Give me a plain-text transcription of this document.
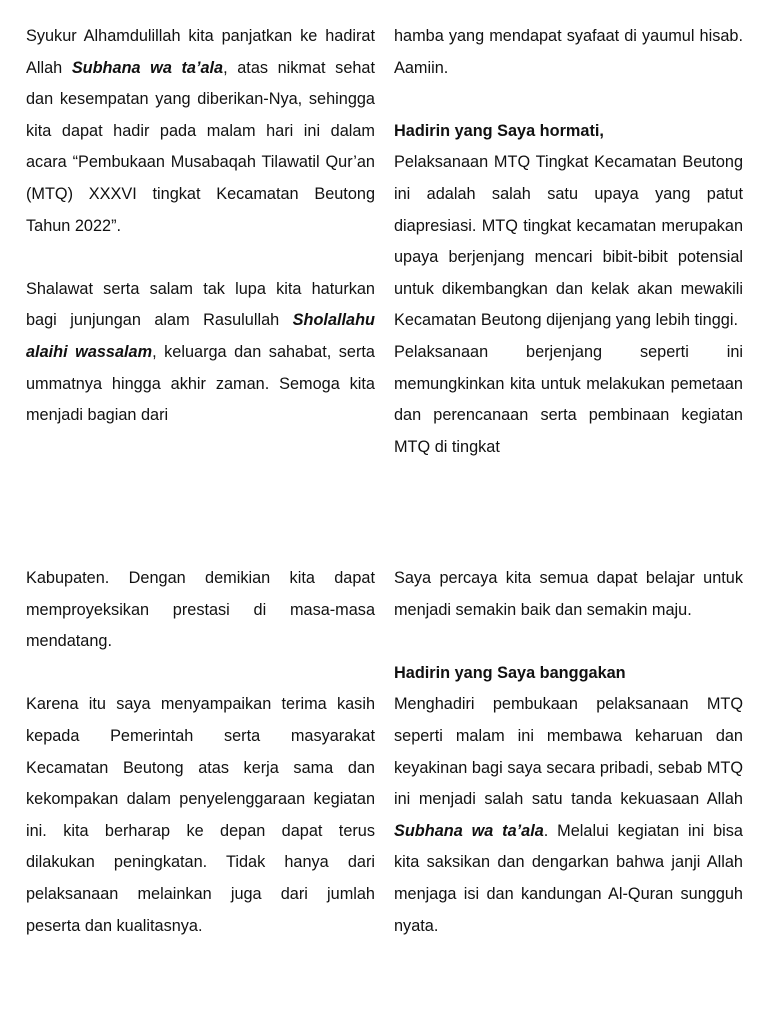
Syukur Alhamdulillah kita panjatkan ke hadirat Allah Subhana wa ta’ala, atas nikmat sehat dan kesempatan yang diberikan-Nya, sehingga kita dapat hadir pada malam hari ini dalam acara “Pembukaan Musabaqah Tilawatil Qur’an (MTQ) XXXVI tingkat Kecamatan Beutong Tahun 2022”.

Shalawat serta salam tak lupa kita haturkan bagi junjungan alam Rasulullah Sholallahu alaihi wassalam, keluarga dan sahabat, serta ummatnya hingga akhir zaman. Semoga kita menjadi bagian dari

hamba yang mendapat syafaat di yaumul hisab. Aamiin.

Hadirin yang Saya hormati,

Pelaksanaan MTQ Tingkat Kecamatan Beutong ini adalah salah satu upaya yang patut diapresiasi. MTQ tingkat kecamatan merupakan upaya berjenjang mencari bibit-bibit potensial untuk dikembangkan dan kelak akan mewakili Kecamatan Beutong dijenjang yang lebih tinggi.

Pelaksanaan berjenjang seperti ini memungkinkan kita untuk melakukan pemetaan dan perencanaan serta pembinaan kegiatan MTQ di tingkat

Kabupaten. Dengan demikian kita dapat memproyeksikan prestasi di masa-masa mendatang.

Karena itu saya menyampaikan terima kasih kepada Pemerintah serta masyarakat Kecamatan Beutong atas kerja sama dan kekompakan dalam penyelenggaraan kegiatan ini. kita berharap ke depan dapat terus dilakukan peningkatan. Tidak hanya dari pelaksanaan melainkan juga dari jumlah peserta dan kualitasnya.

Saya percaya kita semua dapat belajar untuk menjadi semakin baik dan semakin maju.

Hadirin yang Saya banggakan

Menghadiri pembukaan pelaksanaan MTQ seperti malam ini membawa keharuan dan keyakinan bagi saya secara pribadi, sebab MTQ ini menjadi salah satu tanda kekuasaan Allah Subhana wa ta’ala. Melalui kegiatan ini bisa kita saksikan dan dengarkan bahwa janji Allah menjaga isi dan kandungan Al-Quran sungguh nyata.
